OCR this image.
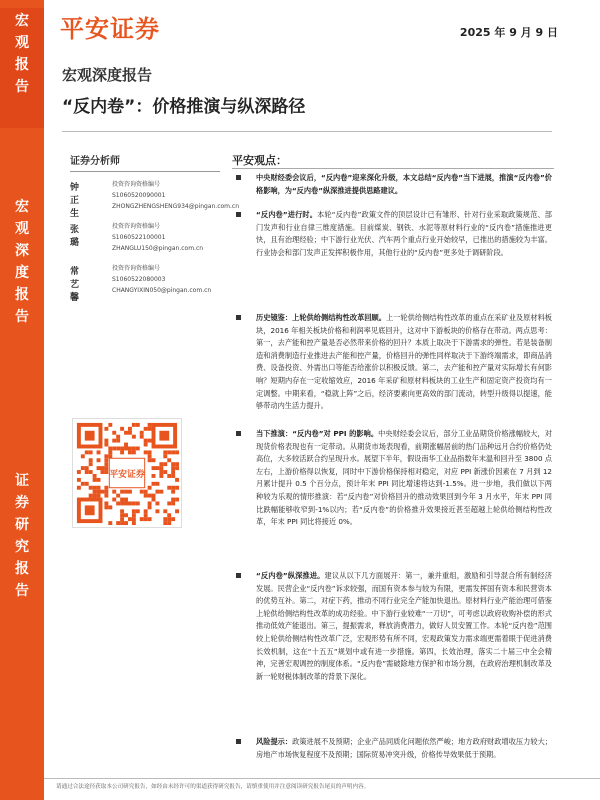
宏
观
报
告
宏
观
深
度
报
告
证
券
研
究
报
告
平安证券	2025 年 9 月 9 日
宏观深度报告
“反内卷”：价格推演与纵深路径
证券分析师
钟正生
投资咨询资格编号
S1060520090001
ZHONGZHENGSHENG934@pingan.com.cn
张璐
投资咨询资格编号
S1060522100001
ZHANGLU150@pingan.com.cn
常艺馨
投资咨询资格编号
S1060522080003
CHANGYIXIN050@pingan.com.cn
平安证券
平安观点：
中央财经委会议后，“反内卷”迎来深化升级，本文总结“反内卷”当下进展，推演“反内卷”价格影响，为“反内卷”纵深推进提供思路建议。
“反内卷”进行时。本轮“反内卷”政策文件的顶层设计已有雏形、针对行业采取政策规范、部门发声和行业自律三维度措施。目前煤炭、钢铁、水泥等原材料行业的“反内卷”措施推进更快，且有治理经验；中下游行业光伏、汽车两个重点行业开始较早，已推出的措施较为丰富。行业协会和部门发声正发挥积极作用，其他行业的“反内卷”更多处于调研阶段。
历史镜鉴：上轮供给侧结构性改革回顾。上一轮供给侧结构性改革的重点在采矿业及原材料板块，2016 年相关板块价格和利润率见底回升，这对中下游板块的价格存在带动。两点思考：第一，去产能和控产量是否必然带来价格的回升？本质上取决于下游需求的弹性。若是装备制造和消费制造行业推进去产能和控产量，价格回升的弹性同样取决于下游终端需求，即商品消费、设备投资、外需出口等能否给涨价以积极反馈。第二，去产能和控产量对实际增长有何影响？短期内存在一定收缩效应，2016 年采矿和原材料板块的工业生产和固定资产投资均有一定调整。中期来看，“稳就上阵”之后，经济要素向更高效的部门流动，转型升级得以提速，能够带动内生活力提升。
当下推演：“反内卷”对 PPI 的影响。中央财经委会议后，部分工业品期货价格涨幅较大，对现货价格表现也有一定带动。从期货市场表现看，前期涨幅居前的热门品种远月合约价格仍处高位，大多较活跃合约呈现升水。展望下半年，假设南华工业品指数年末温和回升至 3800 点左右，上游价格得以恢复，同时中下游价格保持相对稳定，对应 PPI 新涨价因素在 7 月到 12 月累计提升 0.5 个百分点，预计年末 PPI 同比增速将达到-1.5%。进一步地，我们做以下两种较为乐观的情形推演：若“反内卷”对价格回升的推动效果回到今年 3 月水平，年末 PPI 同比跌幅能够收窄到-1%以内；若“反内卷”的价格推升效果接近甚至超越上轮供给侧结构性改革，年末 PPI 同比将接近 0%。
“反内卷”纵深推进。建议从以下几方面展开：第一，兼并重组，激励和引导混合所有制经济发展。民营企业“反内卷”诉求较强，而国有资本参与较为有限，更需发挥国有资本和民营资本的优势互补。第二，对症下药，推动不同行业完全产能加快退出。原材料行业产能治理可借鉴上轮供给侧结构性改革的成功经验。中下游行业较难“一刀切”，可考虑以政府收购补偿的形式推动低效产能退出。第三，提振需求，释放消费潜力，做好人员安置工作。本轮“反内卷”范围较上轮供给侧结构性改革广泛，宏观形势有所不同，宏观政策发力需求端更需着眼于促进消费长效机制，这在“十五五”规划中或有进一步措施。第四，长效治理，落实二十届三中全会精神，完善宏观调控的制度体系。“反内卷”需破除地方保护和市场分割，在政府治理机制改革及新一轮财税体制改革的背景下深化。
风险提示：政策进展不及预期；企业产品同质化问题依然严峻；地方政府财政增收压力较大；房地产市场恢复程度不及预期；国际贸易冲突升级，价格传导效果低于预期。
请通过合法途径获取本公司研究报告，如经由未经许可的渠道获得研究报告，请慎重使用并注意阅读研究报告尾页的声明内容。
